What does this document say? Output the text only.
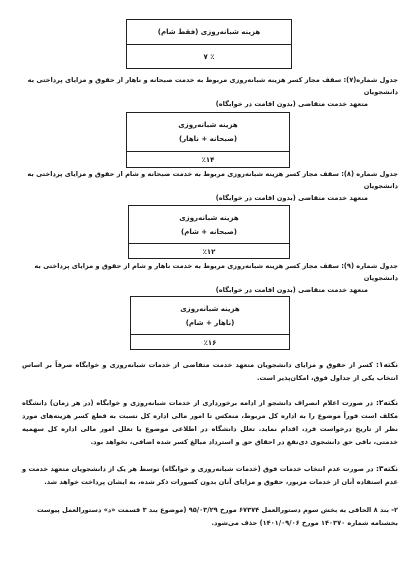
هزینه شبانه‌روزی (فقط شام)
۷ ٪
جدول شماره(۷): سقف مجاز کسر هزینه شبانه‌روزی مربوط به خدمت صبحانه و ناهار از حقوق و مزایای پرداختی به دانشجویان
متعهد خدمت متقاضی (بدون اقامت در خوابگاه)
هزینه شبانه‌روزی
(صبحانه + ناهار)
٪۱۴
جدول شماره (۸): سقف مجاز کسر هزینه شبانه‌روزی مربوط به خدمت صبحانه و شام از حقوق و مزایای پرداختی به دانشجویان
متعهد خدمت متقاضی (بدون اقامت در خوابگاه)
هزینه شبانه‌روزی
(صبحانه + شام)
٪۱۲
جدول شماره (۹): سقف مجاز کسر هزینه شبانه‌روزی مربوط به خدمت ناهار و شام از حقوق و مزایای پرداختی به دانشجویان
متعهد خدمت متقاضی (بدون اقامت در خوابگاه)
هزینه شبانه‌روزی
(ناهار + شام)
٪۱۶
نکته۱: کسر از حقوق و مزایای دانشجویان متعهد خدمت متقاضی از خدمات شبانه‌روزی و خوابگاه صرفاً بر اساس انتخاب یکی از جداول فوق، امکان‌پذیر است.
نکته۲: در صورت اعلام انصراف دانشجو از ادامه برخورداری از خدمات شبانه‌روزی و خوابگاه (در هر زمان) دانشگاه مکلف است فوراً موضوع را به اداره کل مربوط، منعکس تا امور مالی اداره کل نسبت به قطع کسر هزینه‌های مورد نظر از تاریخ درخواست فرد، اقدام نماید. تعلل دانشگاه در اطلاعی موضوع یا تعلل امور مالی اداره کل سهمیه خدمتی، نافی حق دانشجوی ذی‌نفع در احقاق حق و استرداد مبالغ کسر شده اضافی، نخواهد بود.
نکته۳: در صورت عدم انتخاب خدمات فوق (خدمات شبانه‌روزی و خوابگاه) توسط هر یک از دانشجویان متعهد خدمت و عدم استفاده آنان از خدمات مزبور، حقوق و مزایای آنان بدون کسورات ذکر شده، به ایشان پرداخت خواهد شد.
۲- بند ۸ الحاقی به بخش سوم دستورالعمل ۶۷۳۷۴ مورخ ۹۵/۰۳/۲۹ (موضوع بند ۳ قسمت «د» دستورالعمل پیوست
بخشنامه شماره ۱۴۰۳۷۰ مورخ ۱۴۰۱/۰۹/۰۶) حذف می‌شود.
